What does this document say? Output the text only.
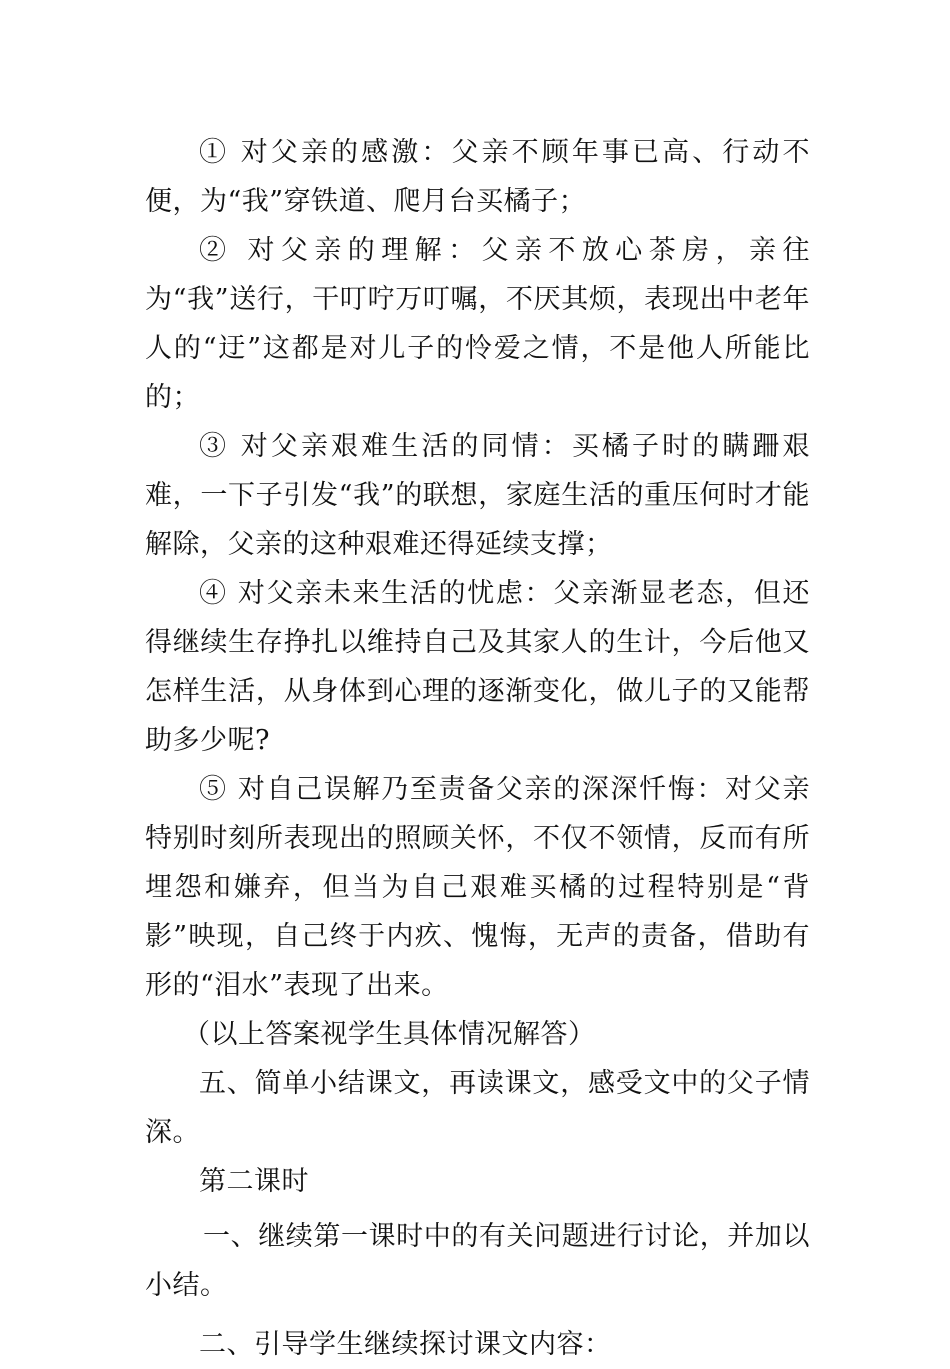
① 对父亲的感激：父亲不顾年事已高、行动不便，为“我”穿铁道、爬月台买橘子；

② 对父亲的理解：父亲不放心茶房，亲往为“我”送行，干叮咛万叮嘱，不厌其烦，表现出中老年人的“迂”这都是对儿子的怜爱之情，不是他人所能比的；

③ 对父亲艰难生活的同情：买橘子时的瞒跚艰难，一下子引发“我”的联想，家庭生活的重压何时才能解除，父亲的这种艰难还得延续支撑；

④ 对父亲未来生活的忧虑：父亲渐显老态，但还得继续生存挣扎以维持自己及其家人的生计，今后他又怎样生活，从身体到心理的逐渐变化，做儿子的又能帮助多少呢?

⑤ 对自己误解乃至责备父亲的深深忏悔：对父亲特别时刻所表现出的照顾关怀，不仅不领情，反而有所埋怨和嫌弃，但当为自己艰难买橘的过程特别是“背影”映现，自己终于内疚、愧悔，无声的责备，借助有形的“泪水”表现了出来。

（以上答案视学生具体情况解答）

五、简单小结课文，再读课文，感受文中的父子情深。

第二课时

一、继续第一课时中的有关问题进行讨论，并加以小结。

二、引导学生继续探讨课文内容：
